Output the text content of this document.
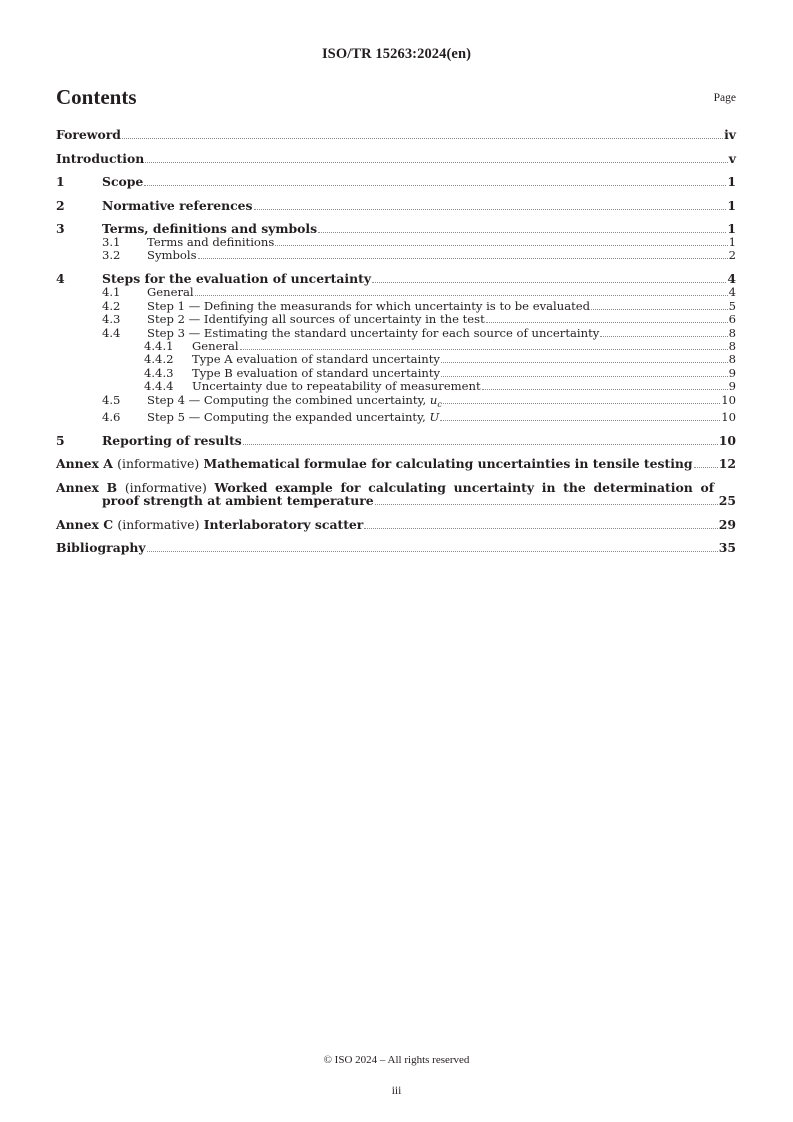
ISO/TR 15263:2024(en)
Contents	Page
Foreword	iv
Introduction	v
1	Scope	1
2	Normative references	1
3	Terms, definitions and symbols	1
3.1	Terms and definitions	1
3.2	Symbols	2
4	Steps for the evaluation of uncertainty	4
4.1	General	4
4.2	Step 1 — Defining the measurands for which uncertainty is to be evaluated	5
4.3	Step 2 — Identifying all sources of uncertainty in the test	6
4.4	Step 3 — Estimating the standard uncertainty for each source of uncertainty	8
4.4.1	General	8
4.4.2	Type A evaluation of standard uncertainty	8
4.4.3	Type B evaluation of standard uncertainty	9
4.4.4	Uncertainty due to repeatability of measurement	9
4.5	Step 4 — Computing the combined uncertainty, $u_c$	10
4.6	Step 5 — Computing the expanded uncertainty, U	10
5	Reporting of results	10
Annex A (informative) Mathematical formulae for calculating uncertainties in tensile testing 12
Annex B (informative) Worked example for calculating uncertainty in the determination of
proof strength at ambient temperature	25
Annex C (informative) Interlaboratory scatter	29
Bibliography	35
© ISO 2024 – All rights reserved
iii
